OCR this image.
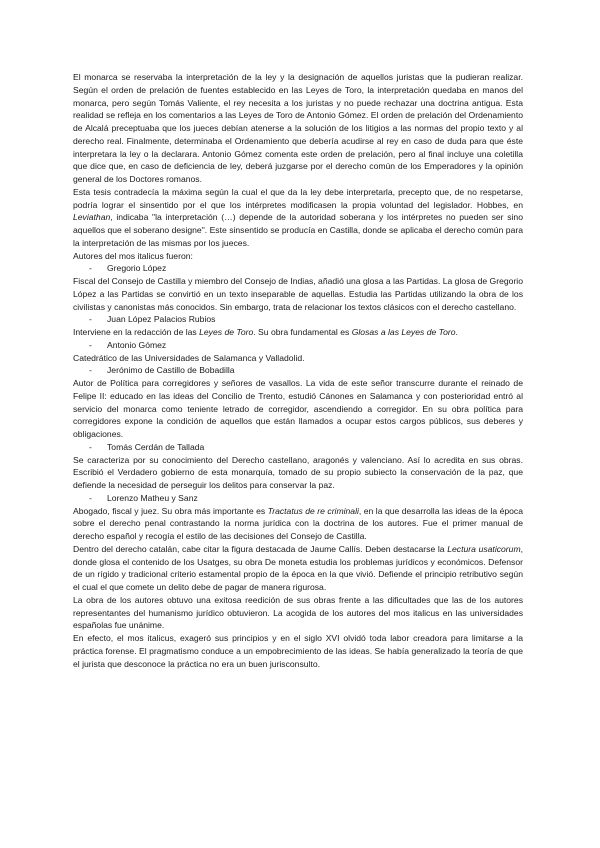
El monarca se reservaba la interpretación de la ley y la designación de aquellos juristas que la pudieran realizar. Según el orden de prelación de fuentes establecido en las Leyes de Toro, la interpretación quedaba en manos del monarca, pero según Tomás Valiente, el rey necesita a los juristas y no puede rechazar una doctrina antigua. Esta realidad se refleja en los comentarios a las Leyes de Toro de Antonio Gómez. El orden de prelación del Ordenamiento de Alcalá preceptuaba que los jueces debían atenerse a la solución de los litigios a las normas del propio texto y al derecho real. Finalmente, determinaba el Ordenamiento que debería acudirse al rey en caso de duda para que éste interpretara la ley o la declarara. Antonio Gómez comenta este orden de prelación, pero al final incluye una coletilla que dice que, en caso de deficiencia de ley, deberá juzgarse por el derecho común de los Emperadores y la opinión general de los Doctores romanos.

Esta tesis contradecía la máxima según la cual el que da la ley debe interpretarla, precepto que, de no respetarse, podría lograr el sinsentido por el que los intérpretes modificasen la propia voluntad del legislador. Hobbes, en Leviathan, indicaba "la interpretación (…) depende de la autoridad soberana y los intérpretes no pueden ser sino aquellos que el soberano designe". Este sinsentido se producía en Castilla, donde se aplicaba el derecho común para la interpretación de las mismas por los jueces.

Autores del mos italicus fueron:

- Gregorio López

Fiscal del Consejo de Castilla y miembro del Consejo de Indias, añadió una glosa a las Partidas. La glosa de Gregorio López a las Partidas se convirtió en un texto inseparable de aquellas. Estudia las Partidas utilizando la obra de los civilistas y canonistas más conocidos. Sin embargo, trata de relacionar los textos clásicos con el derecho castellano.

- Juan López Palacios Rubios

Interviene en la redacción de las Leyes de Toro. Su obra fundamental es Glosas a las Leyes de Toro.

- Antonio Gómez

Catedrático de las Universidades de Salamanca y Valladolid.

- Jerónimo de Castillo de Bobadilla

Autor de Política para corregidores y señores de vasallos. La vida de este señor transcurre durante el reinado de Felipe II: educado en las ideas del Concilio de Trento, estudió Cánones en Salamanca y con posterioridad entró al servicio del monarca como teniente letrado de corregidor, ascendiendo a corregidor. En su obra política para corregidores expone la condición de aquellos que están llamados a ocupar estos cargos públicos, sus deberes y obligaciones.

- Tomás Cerdán de Tallada

Se caracteriza por su conocimiento del Derecho castellano, aragonés y valenciano. Así lo acredita en sus obras. Escribió el Verdadero gobierno de esta monarquía, tomado de su propio subiecto la conservación de la paz, que defiende la necesidad de perseguir los delitos para conservar la paz.

- Lorenzo Matheu y Sanz

Abogado, fiscal y juez. Su obra más importante es Tractatus de re criminali, en la que desarrolla las ideas de la época sobre el derecho penal contrastando la norma jurídica con la doctrina de los autores. Fue el primer manual de derecho español y recogía el estilo de las decisiones del Consejo de Castilla.

Dentro del derecho catalán, cabe citar la figura destacada de Jaume Callís. Deben destacarse la Lectura usaticorum, donde glosa el contenido de los Usatges, su obra De moneta estudia los problemas jurídicos y económicos. Defensor de un rígido y tradicional criterio estamental propio de la época en la que vivió. Defiende el principio retributivo según el cual el que comete un delito debe de pagar de manera rigurosa.

La obra de los autores obtuvo una exitosa reedición de sus obras frente a las dificultades que las de los autores representantes del humanismo jurídico obtuvieron. La acogida de los autores del mos italicus en las universidades españolas fue unánime.

En efecto, el mos italicus, exageró sus principios y en el siglo XVI olvidó toda labor creadora para limitarse a la práctica forense. El pragmatismo conduce a un empobrecimiento de las ideas. Se había generalizado la teoría de que el jurista que desconoce la práctica no era un buen jurisconsulto.
